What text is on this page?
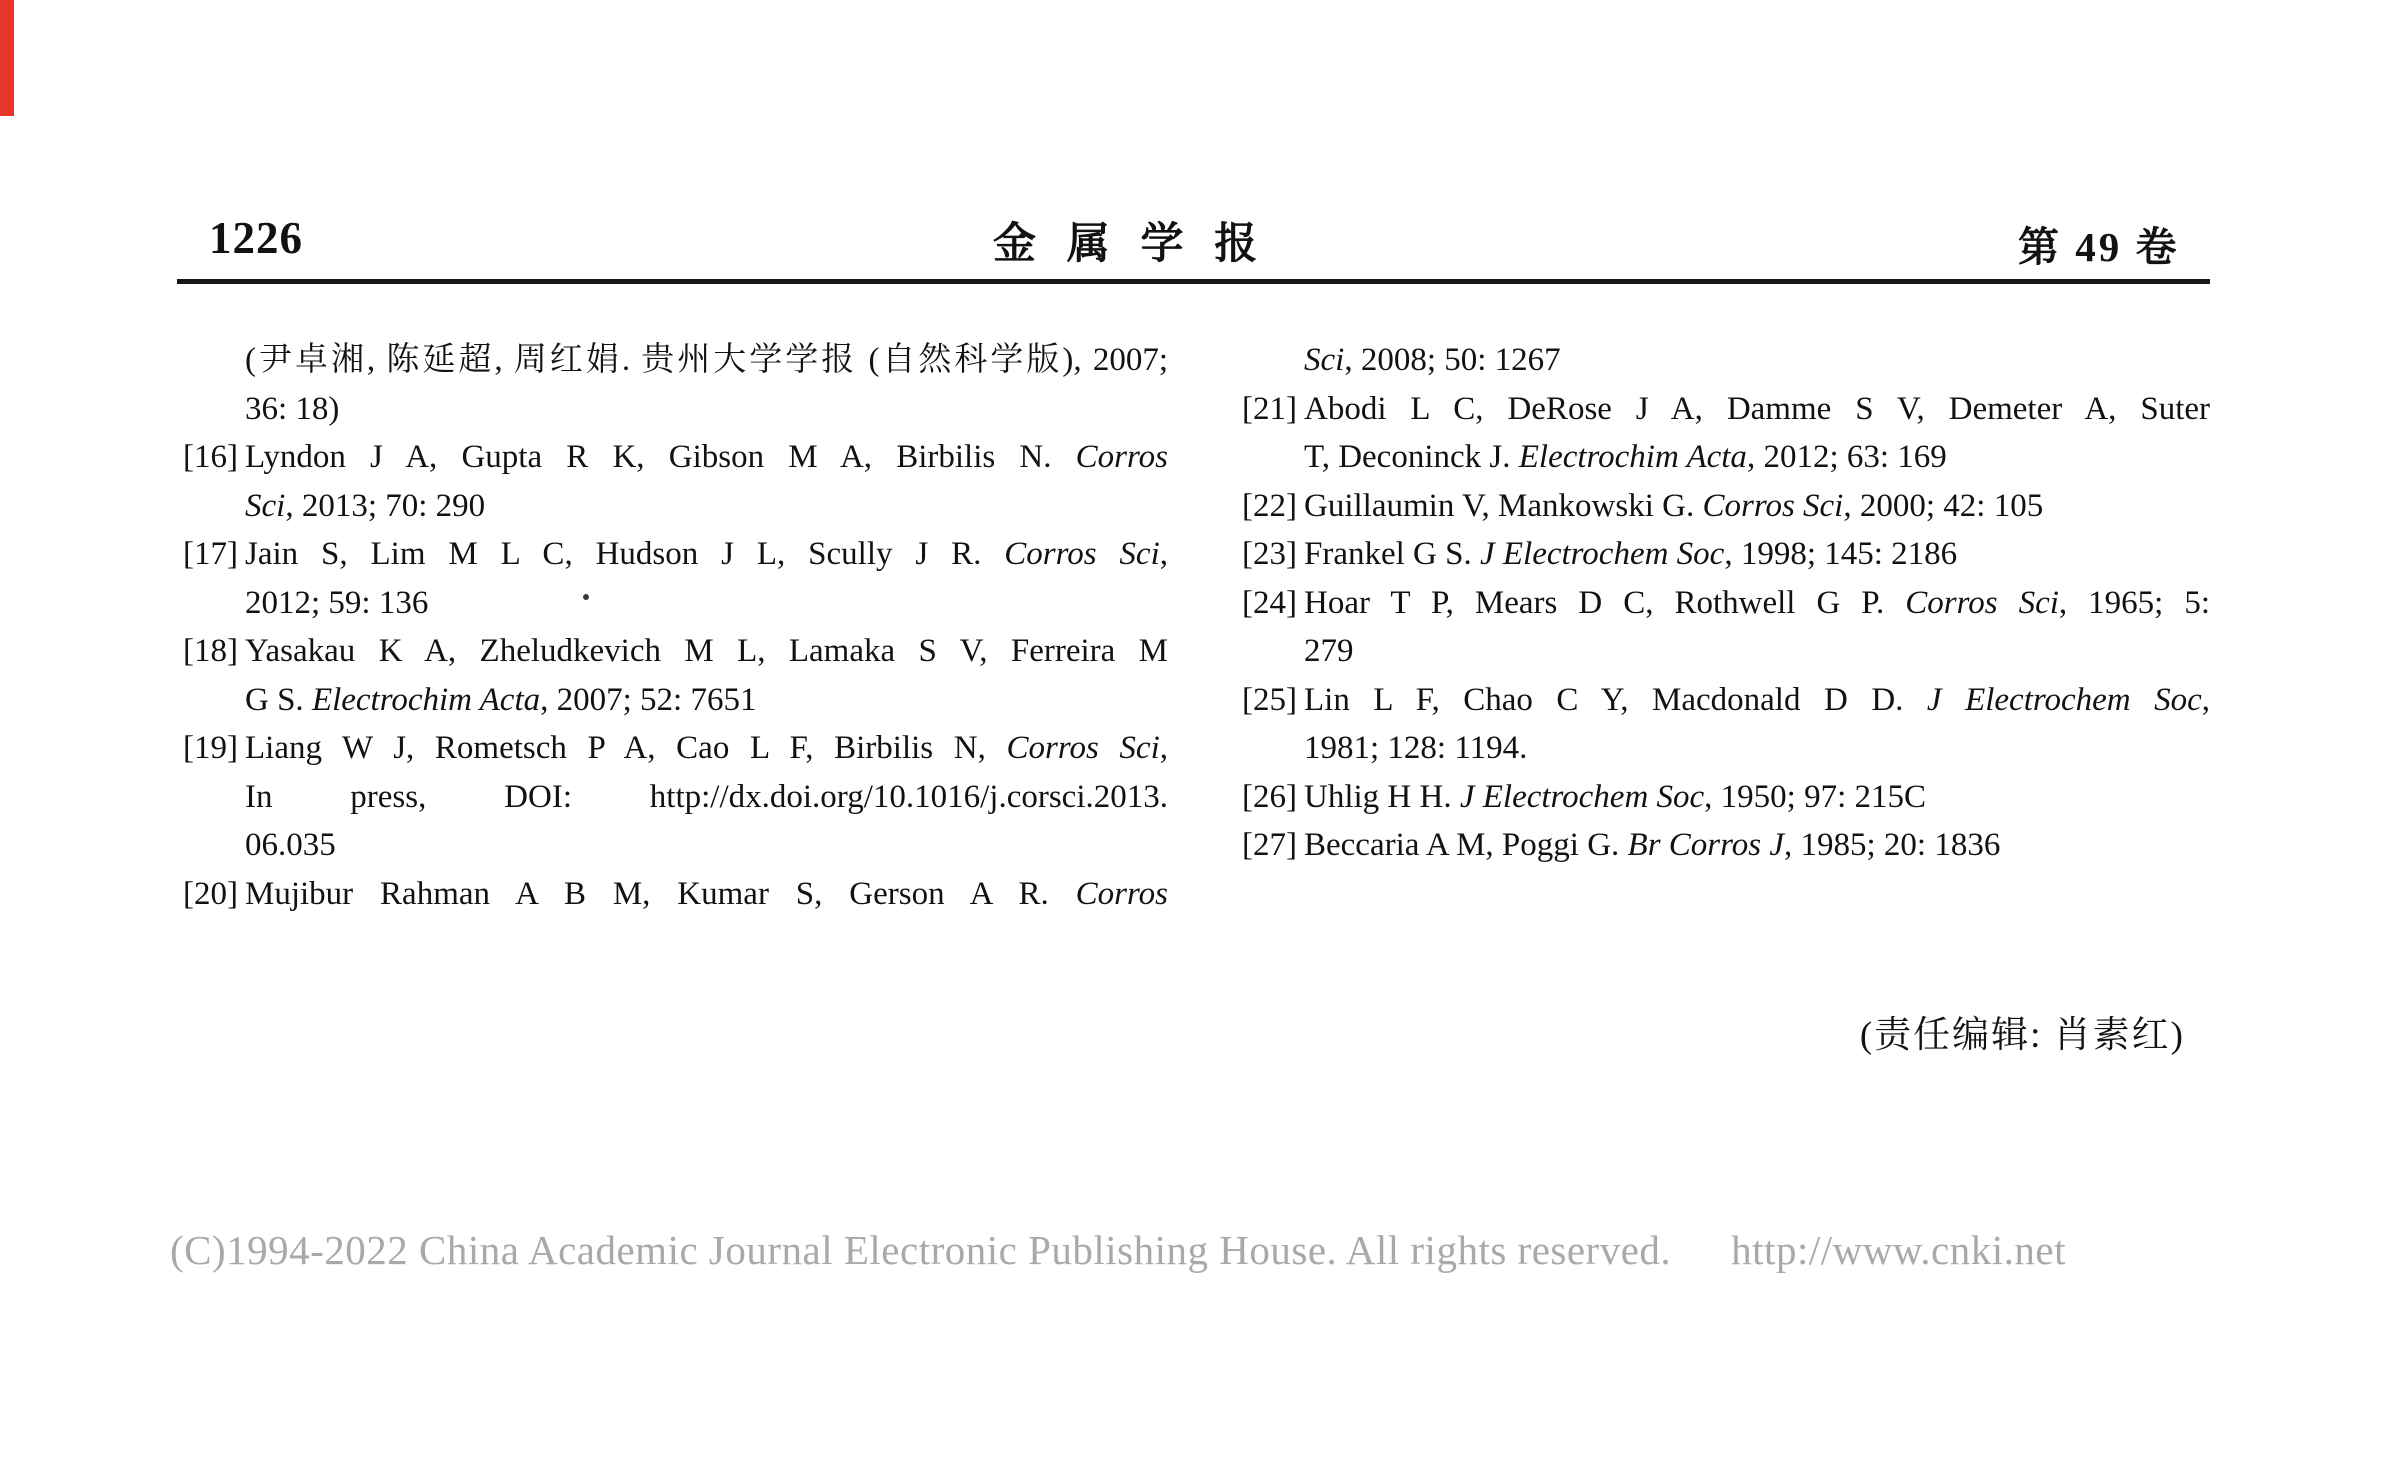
1226	金 属 学 报	第 49 卷
(尹卓湘, 陈延超, 周红娟. 贵州大学学报 (自然科学版), 2007;
36: 18)
[16] Lyndon J A, Gupta R K, Gibson M A, Birbilis N. Corros
Sci, 2013; 70: 290
[17] Jain S, Lim M L C, Hudson J L, Scully J R. Corros Sci,
2012; 59: 136
[18] Yasakau K A, Zheludkevich M L, Lamaka S V, Ferreira M
G S. Electrochim Acta, 2007; 52: 7651
[19] Liang W J, Rometsch P A, Cao L F, Birbilis N, Corros Sci,
In press, DOI: http://dx.doi.org/10.1016/j.corsci.2013.
06.035
[20] Mujibur Rahman A B M, Kumar S, Gerson A R. Corros
Sci, 2008; 50: 1267
[21] Abodi L C, DeRose J A, Damme S V, Demeter A, Suter
T, Deconinck J. Electrochim Acta, 2012; 63: 169
[22] Guillaumin V, Mankowski G. Corros Sci, 2000; 42: 105
[23] Frankel G S. J Electrochem Soc, 1998; 145: 2186
[24] Hoar T P, Mears D C, Rothwell G P. Corros Sci, 1965; 5:
279
[25] Lin L F, Chao C Y, Macdonald D D. J Electrochem Soc,
1981; 128: 1194.
[26] Uhlig H H. J Electrochem Soc, 1950; 97: 215C
[27] Beccaria A M, Poggi G. Br Corros J, 1985; 20: 1836
(责任编辑: 肖素红)
(C)1994-2022 China Academic Journal Electronic Publishing House. All rights reserved. http://www.cnki.net
